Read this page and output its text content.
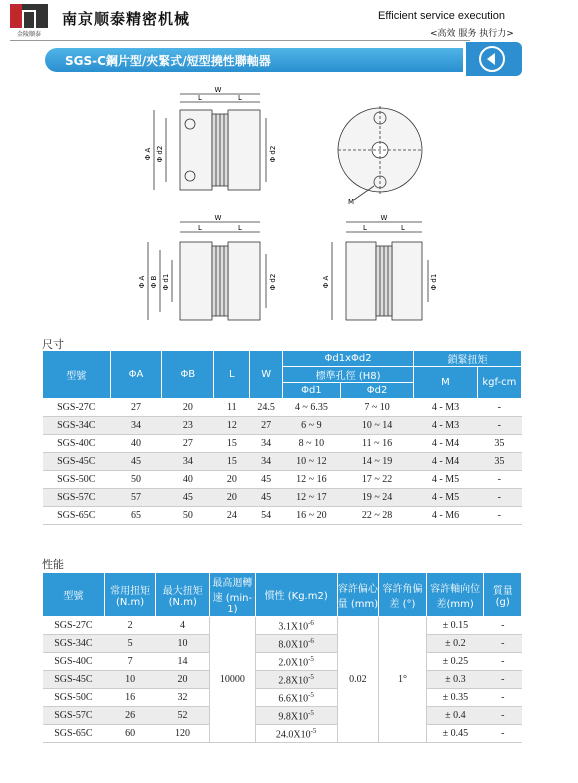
金陵顺泰
南京顺泰精密机械	Efficient service execution
<高效 服务 执行力>
SGS-C鋼片型/夾緊式/短型撓性聯軸器
W
L	L
Φ A Φ d2	Φ d2
M
W
L	L
Φ A Φ B Φ d1	Φ d2
W
L	L
Φ A	Φ d1
尺寸
型號	ΦA	ΦB	L	W	Φd1xΦd2		鎖緊扭矩	
					標準孔徑 (H8)		M	kgf-cm
					Φd1	Φd2		
SGS-27C	27	20	11	24.5	4 ~ 6.35	7 ~ 10	4 - M3	-
SGS-34C	34	23	12	27	6 ~ 9	10 ~ 14	4 - M3	-
SGS-40C	40	27	15	34	8 ~ 10	11 ~ 16	4 - M4	35
SGS-45C	45	34	15	34	10 ~ 12	14 ~ 19	4 - M4	35
SGS-50C	50	40	20	45	12 ~ 16	17 ~ 22	4 - M5	-
SGS-57C	57	45	20	45	12 ~ 17	19 ~ 24	4 - M5	-
SGS-65C	65	50	24	54	16 ~ 20	22 ~ 28	4 - M6	-
性能
型號	常用扭矩 (N.m)	最大扭矩 (N.m)	最高迴轉速 (min-1)	慣性 (Kg.m2)	容許偏心量 (mm)	容許角偏差 (°)	容許軸向位差(mm)	質量 (g)
SGS-27C	2	4	10000	$3.1X10^{-6}$	0.02	1°	± 0.15	-
SGS-34C	5	10		$8.0X10^{-6}$			± 0.2	-
SGS-40C	7	14		$2.0X10^{-5}$			± 0.25	-
SGS-45C	10	20		$2.8X10^{-5}$			± 0.3	-
SGS-50C	16	32		$6.6X10^{-5}$			± 0.35	-
SGS-57C	26	52		$9.8X10^{-5}$			± 0.4	-
SGS-65C	60	120		$24.0X10^{-5}$			± 0.45	-
